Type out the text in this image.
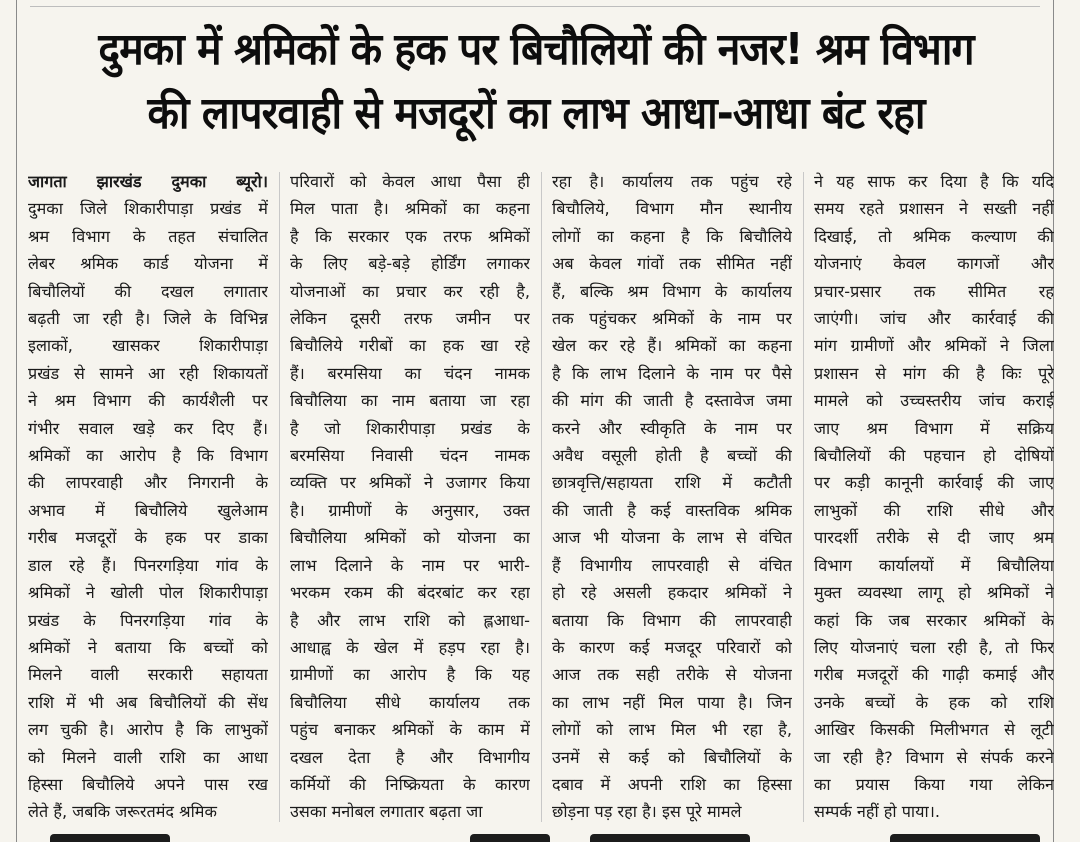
दुमका में श्रमिकों के हक पर बिचौलियों की नजर! श्रम विभाग
की लापरवाही से मजदूरों का लाभ आधा-आधा बंट रहा
जागता झारखंड दुमका ब्यूरो।
दुमका जिले शिकारीपाड़ा प्रखंड में
श्रम विभाग के तहत संचालित
लेबर श्रमिक कार्ड योजना में
बिचौलियों की दखल लगातार
बढ़ती जा रही है। जिले के विभिन्न
इलाकों, खासकर शिकारीपाड़ा
प्रखंड से सामने आ रही शिकायतों
ने श्रम विभाग की कार्यशैली पर
गंभीर सवाल खड़े कर दिए हैं।
श्रमिकों का आरोप है कि विभाग
की लापरवाही और निगरानी के
अभाव में बिचौलिये खुलेआम
गरीब मजदूरों के हक पर डाका
डाल रहे हैं। पिनरगड़िया गांव के
श्रमिकों ने खोली पोल शिकारीपाड़ा
प्रखंड के पिनरगड़िया गांव के
श्रमिकों ने बताया कि बच्चों को
मिलने वाली सरकारी सहायता
राशि में भी अब बिचौलियों की सेंध
लग चुकी है। आरोप है कि लाभुकों
को मिलने वाली राशि का आधा
हिस्सा बिचौलिये अपने पास रख
लेते हैं, जबकि जरूरतमंद श्रमिक
परिवारों को केवल आधा पैसा ही
मिल पाता है। श्रमिकों का कहना
है कि सरकार एक तरफ श्रमिकों
के लिए बड़े-बड़े होर्डिंग लगाकर
योजनाओं का प्रचार कर रही है,
लेकिन दूसरी तरफ जमीन पर
बिचौलिये गरीबों का हक खा रहे
हैं। बरमसिया का चंदन नामक
बिचौलिया का नाम बताया जा रहा
है जो शिकारीपाड़ा प्रखंड के
बरमसिया निवासी चंदन नामक
व्यक्ति पर श्रमिकों ने उजागर किया
है। ग्रामीणों के अनुसार, उक्त
बिचौलिया श्रमिकों को योजना का
लाभ दिलाने के नाम पर भारी-
भरकम रकम की बंदरबांट कर रहा
है और लाभ राशि को ह्लआधा-
आधाह्व के खेल में हड़प रहा है।
ग्रामीणों का आरोप है कि यह
बिचौलिया सीधे कार्यालय तक
पहुंच बनाकर श्रमिकों के काम में
दखल देता है और विभागीय
कर्मियों की निष्क्रियता के कारण
उसका मनोबल लगातार बढ़ता जा
रहा है। कार्यालय तक पहुंच रहे
बिचौलिये, विभाग मौन स्थानीय
लोगों का कहना है कि बिचौलिये
अब केवल गांवों तक सीमित नहीं
हैं, बल्कि श्रम विभाग के कार्यालय
तक पहुंचकर श्रमिकों के नाम पर
खेल कर रहे हैं। श्रमिकों का कहना
है कि लाभ दिलाने के नाम पर पैसे
की मांग की जाती है दस्तावेज जमा
करने और स्वीकृति के नाम पर
अवैध वसूली होती है बच्चों की
छात्रवृत्ति/सहायता राशि में कटौती
की जाती है कई वास्तविक श्रमिक
आज भी योजना के लाभ से वंचित
हैं विभागीय लापरवाही से वंचित
हो रहे असली हकदार श्रमिकों ने
बताया कि विभाग की लापरवाही
के कारण कई मजदूर परिवारों को
आज तक सही तरीके से योजना
का लाभ नहीं मिल पाया है। जिन
लोगों को लाभ मिल भी रहा है,
उनमें से कई को बिचौलियों के
दबाव में अपनी राशि का हिस्सा
छोड़ना पड़ रहा है। इस पूरे मामले
ने यह साफ कर दिया है कि यदि
समय रहते प्रशासन ने सख्ती नहीं
दिखाई, तो श्रमिक कल्याण की
योजनाएं केवल कागजों और
प्रचार-प्रसार तक सीमित रह
जाएंगी। जांच और कार्रवाई की
मांग ग्रामीणों और श्रमिकों ने जिला
प्रशासन से मांग की है किः पूरे
मामले को उच्चस्तरीय जांच कराई
जाए श्रम विभाग में सक्रिय
बिचौलियों की पहचान हो दोषियों
पर कड़ी कानूनी कार्रवाई की जाए
लाभुकों की राशि सीधे और
पारदर्शी तरीके से दी जाए श्रम
विभाग कार्यालयों में बिचौलिया
मुक्त व्यवस्था लागू हो श्रमिकों ने
कहां कि जब सरकार श्रमिकों के
लिए योजनाएं चला रही है, तो फिर
गरीब मजदूरों की गाढ़ी कमाई और
उनके बच्चों के हक को राशि
आखिर किसकी मिलीभगत से लूटी
जा रही है? विभाग से संपर्क करने
का प्रयास किया गया लेकिन
सम्पर्क नहीं हो पाया।.
